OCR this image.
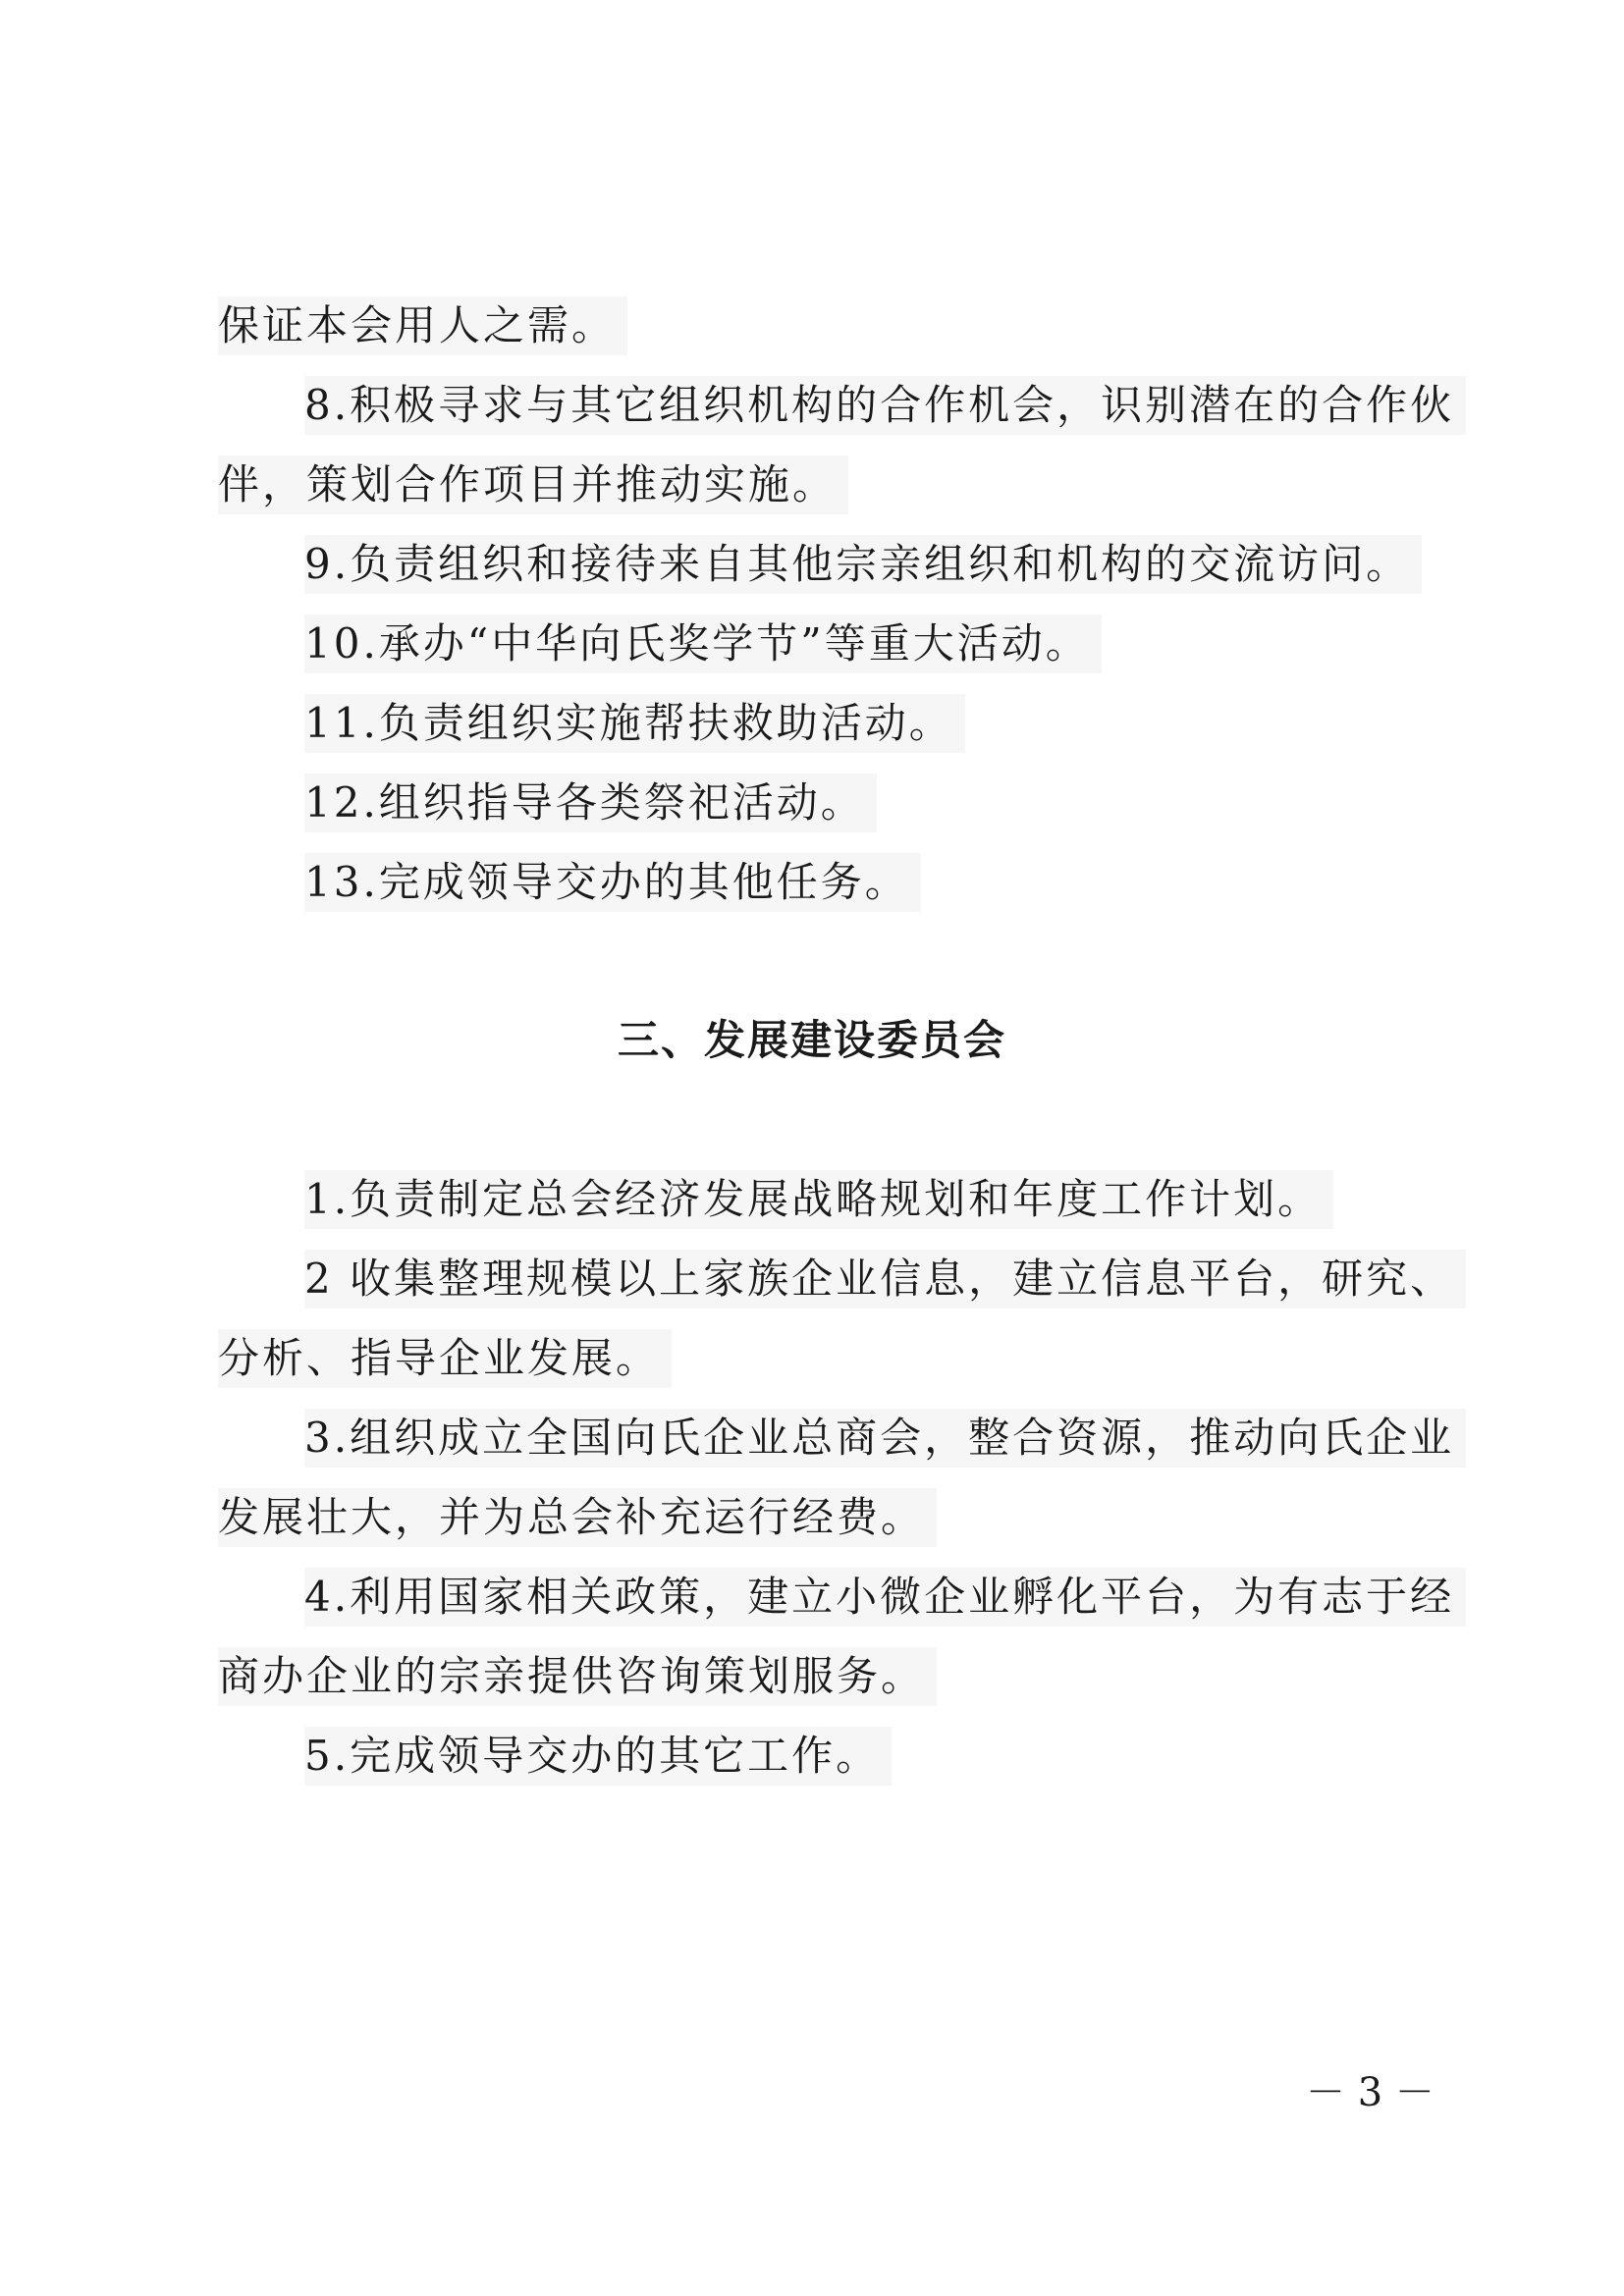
保证本会用人之需。
8.积极寻求与其它组织机构的合作机会，识别潜在的合作伙
伴，策划合作项目并推动实施。
9.负责组织和接待来自其他宗亲组织和机构的交流访问。
10.承办“中华向氏奖学节”等重大活动。
11.负责组织实施帮扶救助活动。
12.组织指导各类祭祀活动。
13.完成领导交办的其他任务。
三、发展建设委员会
1.负责制定总会经济发展战略规划和年度工作计划。
2 收集整理规模以上家族企业信息，建立信息平台，研究、
分析、指导企业发展。
3.组织成立全国向氏企业总商会，整合资源，推动向氏企业
发展壮大，并为总会补充运行经费。
4.利用国家相关政策，建立小微企业孵化平台，为有志于经
商办企业的宗亲提供咨询策划服务。
5.完成领导交办的其它工作。
－ 3 －
